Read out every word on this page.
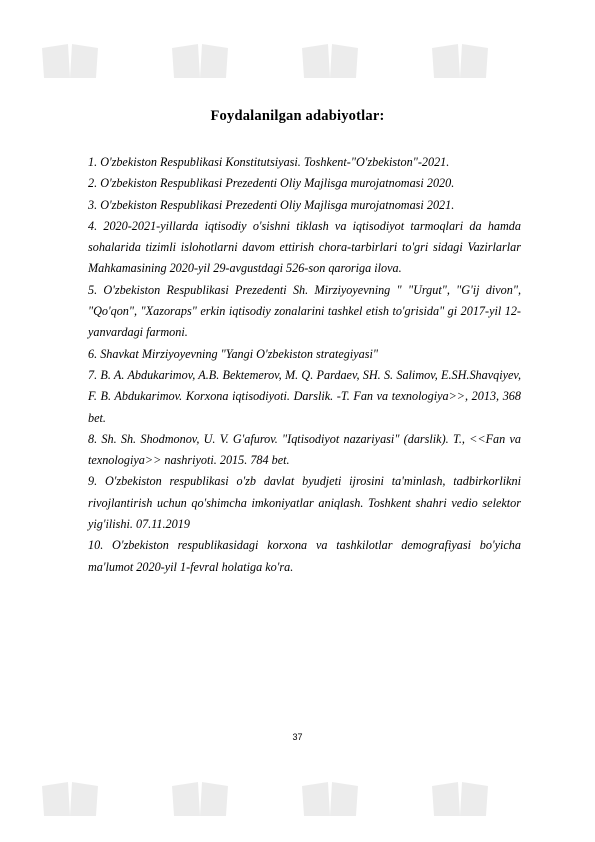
Foydalanilgan adabiyotlar:
1. O'zbekiston Respublikasi Konstitutsiyasi. Toshkent-"O'zbekiston"-2021.
2. O'zbekiston Respublikasi Prezedenti Oliy Majlisga murojatnomasi 2020.
3. O'zbekiston Respublikasi Prezedenti Oliy Majlisga murojatnomasi 2021.
4. 2020-2021-yillarda iqtisodiy o'sishni tiklash va iqtisodiyot tarmoqlari da hamda sohalarida tizimli islohotlarni davom ettirish chora-tarbirlari to'gri sidagi Vazirlarlar Mahkamasining 2020-yil 29-avgustdagi 526-son qaroriga ilova.
5. O'zbekiston Respublikasi Prezedenti Sh. Mirziyoyevning " "Urgut", "G'ij divon", "Qo'qon", "Xazoraps" erkin iqtisodiy zonalarini tashkel etish to'grisida" gi 2017-yil 12-yanvardagi farmoni.
6. Shavkat Mirziyoyevning "Yangi O'zbekiston strategiyasi"
7. B. A. Abdukarimov, A.B. Bektemerov, M. Q. Pardaev, SH. S. Salimov, E.SH.Shavqiyev, F. B. Abdukarimov. Korxona iqtisodiyoti. Darslik. -T. Fan va texnologiya>>, 2013, 368 bet.
8. Sh. Sh. Shodmonov, U. V. G'afurov. "Iqtisodiyot nazariyasi" (darslik). T., <<Fan va texnologiya>> nashriyoti. 2015. 784 bet.
9. O'zbekiston respublikasi o'zb davlat byudjeti ijrosini ta'minlash, tadbirkorlikni rivojlantirish uchun qo'shimcha imkoniyatlar aniqlash. Toshkent shahri vedio selektor yig'ilishi. 07.11.2019
10. O'zbekiston respublikasidagi korxona va tashkilotlar demografiyasi bo'yicha ma'lumot 2020-yil 1-fevral holatiga ko'ra.
37
